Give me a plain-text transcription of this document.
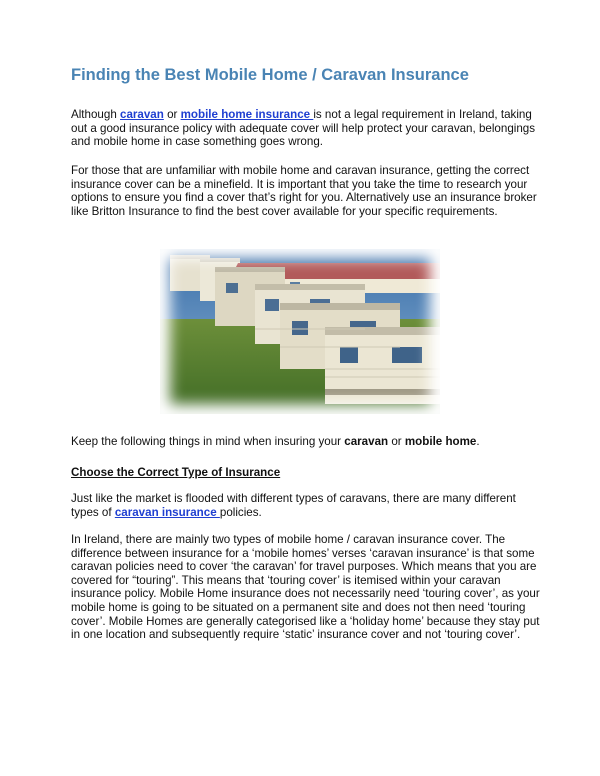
Finding the Best Mobile Home / Caravan Insurance

Although caravan or mobile home insurance is not a legal requirement in Ireland, taking out a good insurance policy with adequate cover will help protect your caravan, belongings and mobile home in case something goes wrong.

For those that are unfamiliar with mobile home and caravan insurance, getting the correct insurance cover can be a minefield. It is important that you take the time to research your options to ensure you find a cover that’s right for you. Alternatively use an insurance broker like Britton Insurance to find the best cover available for your specific requirements.

Keep the following things in mind when insuring your caravan or mobile home.

Choose the Correct Type of Insurance

Just like the market is flooded with different types of caravans, there are many different types of caravan insurance policies.

In Ireland, there are mainly two types of mobile home / caravan insurance cover. The difference between insurance for a ‘mobile homes’ verses ‘caravan insurance’ is that some caravan policies need to cover ‘the caravan’ for travel purposes. Which means that you are covered for “touring”. This means that ‘touring cover’ is itemised within your caravan insurance policy. Mobile Home insurance does not necessarily need ‘touring cover’, as your mobile home is going to be situated on a permanent site and does not then need ‘touring cover’. Mobile Homes are generally categorised like a ‘holiday home’ because they stay put in one location and subsequently require ‘static’ insurance cover and not ‘touring cover’.
